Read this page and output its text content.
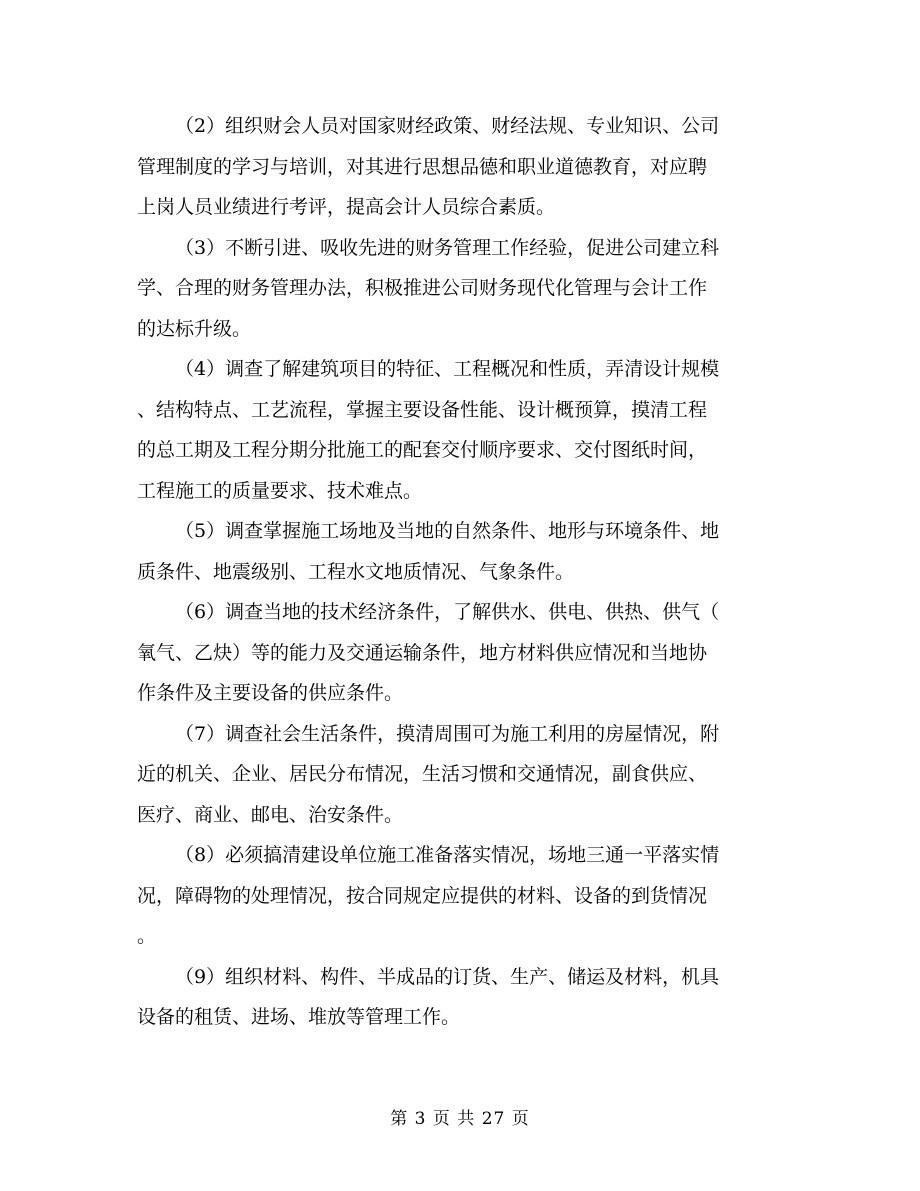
（2）组织财会人员对国家财经政策、财经法规、专业知识、公司
管理制度的学习与培训，对其进行思想品德和职业道德教育，对应聘
上岗人员业绩进行考评，提高会计人员综合素质。
（3）不断引进、吸收先进的财务管理工作经验，促进公司建立科
学、合理的财务管理办法，积极推进公司财务现代化管理与会计工作
的达标升级。
（4）调查了解建筑项目的特征、工程概况和性质，弄清设计规模
、结构特点、工艺流程，掌握主要设备性能、设计概预算，摸清工程
的总工期及工程分期分批施工的配套交付顺序要求、交付图纸时间，
工程施工的质量要求、技术难点。
（5）调查掌握施工场地及当地的自然条件、地形与环境条件、地
质条件、地震级别、工程水文地质情况、气象条件。
（6）调查当地的技术经济条件，了解供水、供电、供热、供气（
氧气、乙炔）等的能力及交通运输条件，地方材料供应情况和当地协
作条件及主要设备的供应条件。
（7）调查社会生活条件，摸清周围可为施工利用的房屋情况，附
近的机关、企业、居民分布情况，生活习惯和交通情况，副食供应、
医疗、商业、邮电、治安条件。
（8）必须搞清建设单位施工准备落实情况，场地三通一平落实情
况，障碍物的处理情况，按合同规定应提供的材料、设备的到货情况
。
（9）组织材料、构件、半成品的订货、生产、储运及材料，机具
设备的租赁、进场、堆放等管理工作。
第 3 页 共 27 页
